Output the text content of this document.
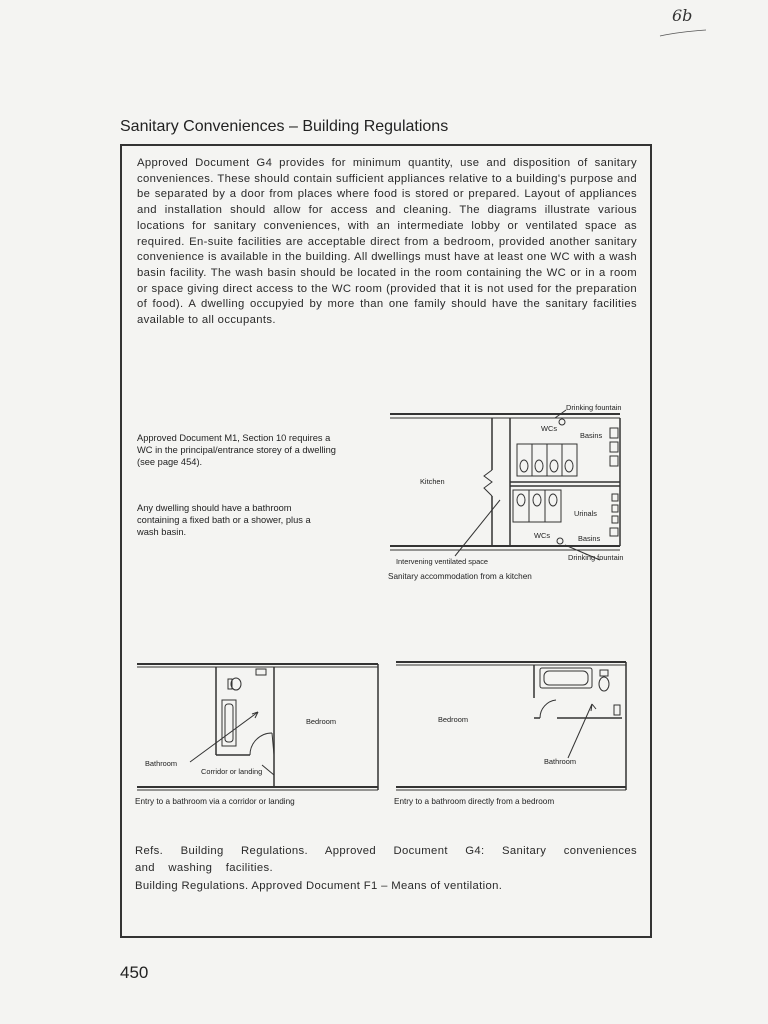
6b
Sanitary Conveniences – Building Regulations
Approved Document G4 provides for minimum quantity, use and disposition of sanitary conveniences. These should contain sufficient appliances relative to a building's purpose and be separated by a door from places where food is stored or prepared. Layout of appliances and installation should allow for access and cleaning. The diagrams illustrate various locations for sanitary conveniences, with an intermediate lobby or ventilated space as required. En-suite facilities are acceptable direct from a bedroom, provided another sanitary convenience is available in the building. All dwellings must have at least one WC with a wash basin facility. The wash basin should be located in the room containing the WC or in a room or space giving direct access to the WC room (provided that it is not used for the preparation of food). A dwelling occupyied by more than one family should have the sanitary facilities available to all occupants.
Approved Document M1, Section 10 requires a WC in the principal/entrance storey of a dwelling (see page 454).
Any dwelling should have a bathroom containing a fixed bath or a shower, plus a wash basin.
Drinking fountain
WCs
Basins
Kitchen
Urinals
WCs	Basins
Intervening ventilated space	Drinking fountain
Sanitary accommodation from a kitchen
Bedroom
Bathroom
Corridor or landing
Entry to a bathroom via a corridor or landing
Bedroom
Bathroom
Entry to a bathroom directly from a bedroom

Refs. Building Regulations. Approved Document G4: Sanitary conveniences and washing facilities.

Building Regulations. Approved Document F1 – Means of ventilation.

450
